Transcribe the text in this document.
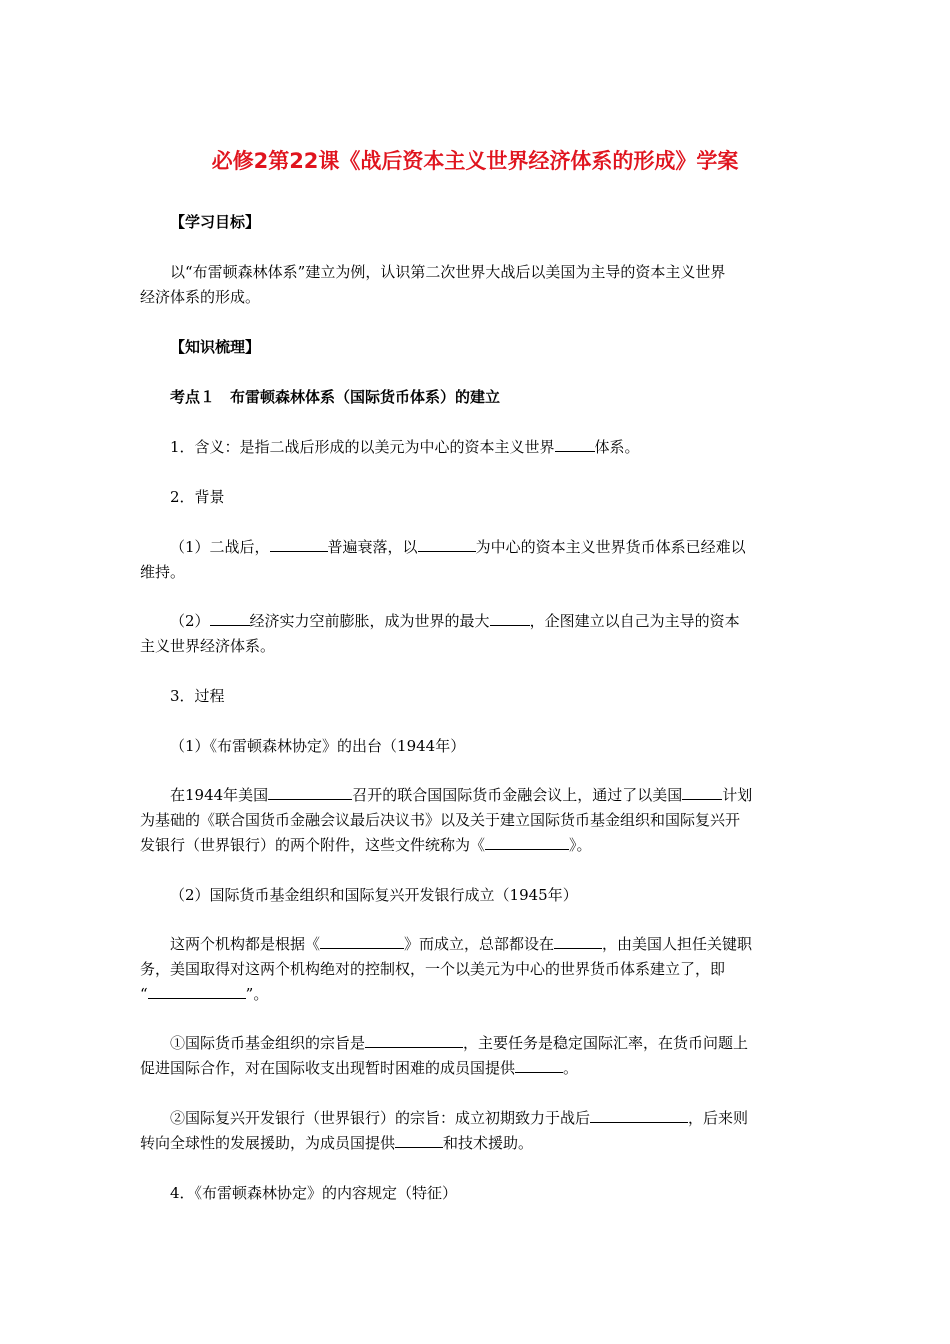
必修2第22课《战后资本主义世界经济体系的形成》学案
【学习目标】
以“布雷顿森林体系”建立为例，认识第二次世界大战后以美国为主导的资本主义世界
经济体系的形成。
【知识梳理】
考点１　布雷顿森林体系（国际货币体系）的建立
1．含义：是指二战后形成的以美元为中心的资本主义世界	体系。
2．背景
（1）二战后，	普遍衰落，以	为中心的资本主义世界货币体系已经难以
维持。
（2）	经济实力空前膨胀，成为世界的最大	，企图建立以自己为主导的资本
主义世界经济体系。
3．过程
（1）《布雷顿森林协定》的出台（1944年）
在1944年美国	召开的联合国国际货币金融会议上，通过了以美国	计划
为基础的《联合国货币金融会议最后决议书》以及关于建立国际货币基金组织和国际复兴开
发银行（世界银行）的两个附件，这些文件统称为《	》。
（2）国际货币基金组织和国际复兴开发银行成立（1945年）
这两个机构都是根据《	》而成立，总部都设在	，由美国人担任关键职
务，美国取得对这两个机构绝对的控制权，一个以美元为中心的世界货币体系建立了，即
“	”。
①国际货币基金组织的宗旨是	，主要任务是稳定国际汇率，在货币问题上
促进国际合作，对在国际收支出现暂时困难的成员国提供	。
②国际复兴开发银行（世界银行）的宗旨：成立初期致力于战后	，后来则
转向全球性的发展援助，为成员国提供	和技术援助。
4．《布雷顿森林协定》的内容规定（特征）
